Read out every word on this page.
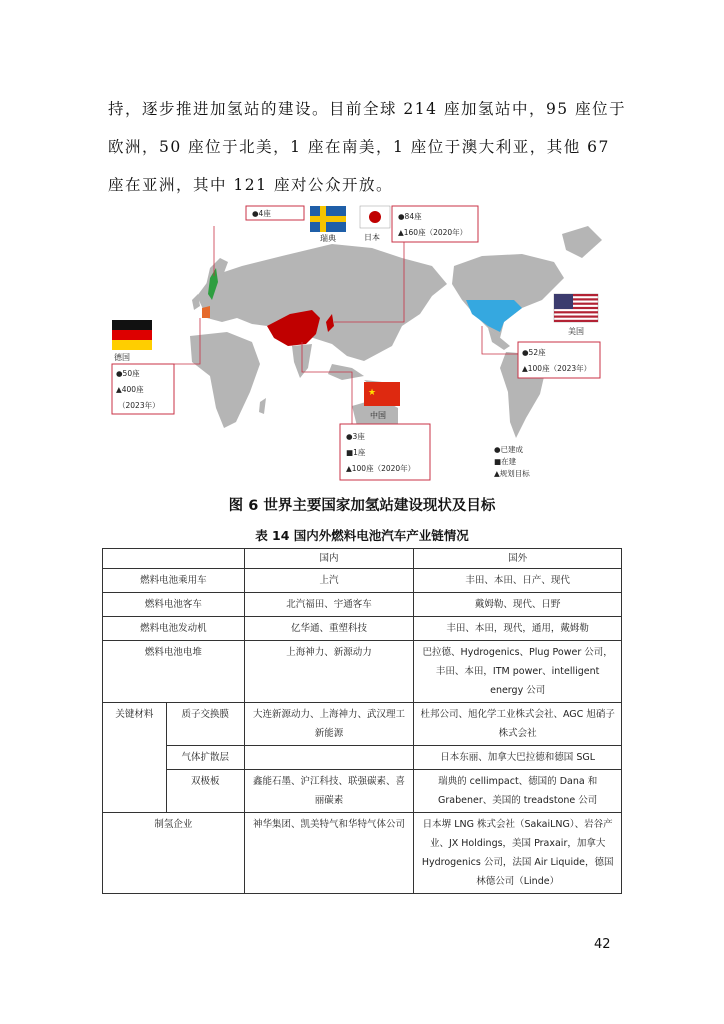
持，逐步推进加氢站的建设。目前全球 214 座加氢站中，95 座位于欧洲，50 座位于北美，1 座在南美，1 座位于澳大利亚，其他 67 座在亚洲，其中 121 座对公众开放。

瑞典
●4座
日本
●84座
▲160座（2020年）
德国
●50座
▲400座
（2023年）
美国
●52座
▲100座（2023年）
★
中国
●3座
■1座
▲100座（2020年）
●已建成
■在建
▲规划目标
图 6 世界主要国家加氢站建设现状及目标
表 14 国内外燃料电池汽车产业链情况
		国内	国外
燃料电池乘用车		上汽	丰田、本田、日产、现代
燃料电池客车		北汽福田、宇通客车	戴姆勒、现代、日野
燃料电池发动机		亿华通、重塑科技	丰田、本田，现代，通用，戴姆勒
燃料电池电堆		上海神力、新源动力	巴拉德、Hydrogenics、Plug Power 公司，丰田、本田，ITM power、intelligent energy 公司
关键材料	质子交换膜	大连新源动力、上海神力、武汉理工新能源	杜邦公司、旭化学工业株式会社、AGC 旭硝子株式会社
	气体扩散层		日本东丽、加拿大巴拉德和德国 SGL
	双极板	鑫能石墨、沪江科技、联强碳素、喜丽碳素	瑞典的 cellimpact、德国的 Dana 和 Grabener、美国的 treadstone 公司
制氢企业		神华集团、凯美特气和华特气体公司	日本堺 LNG 株式会社（SakaiLNG）、岩谷产业、JX Holdings，美国 Praxair，加拿大 Hydrogenics 公司，法国 Air Liquide，德国林德公司（Linde）
42
